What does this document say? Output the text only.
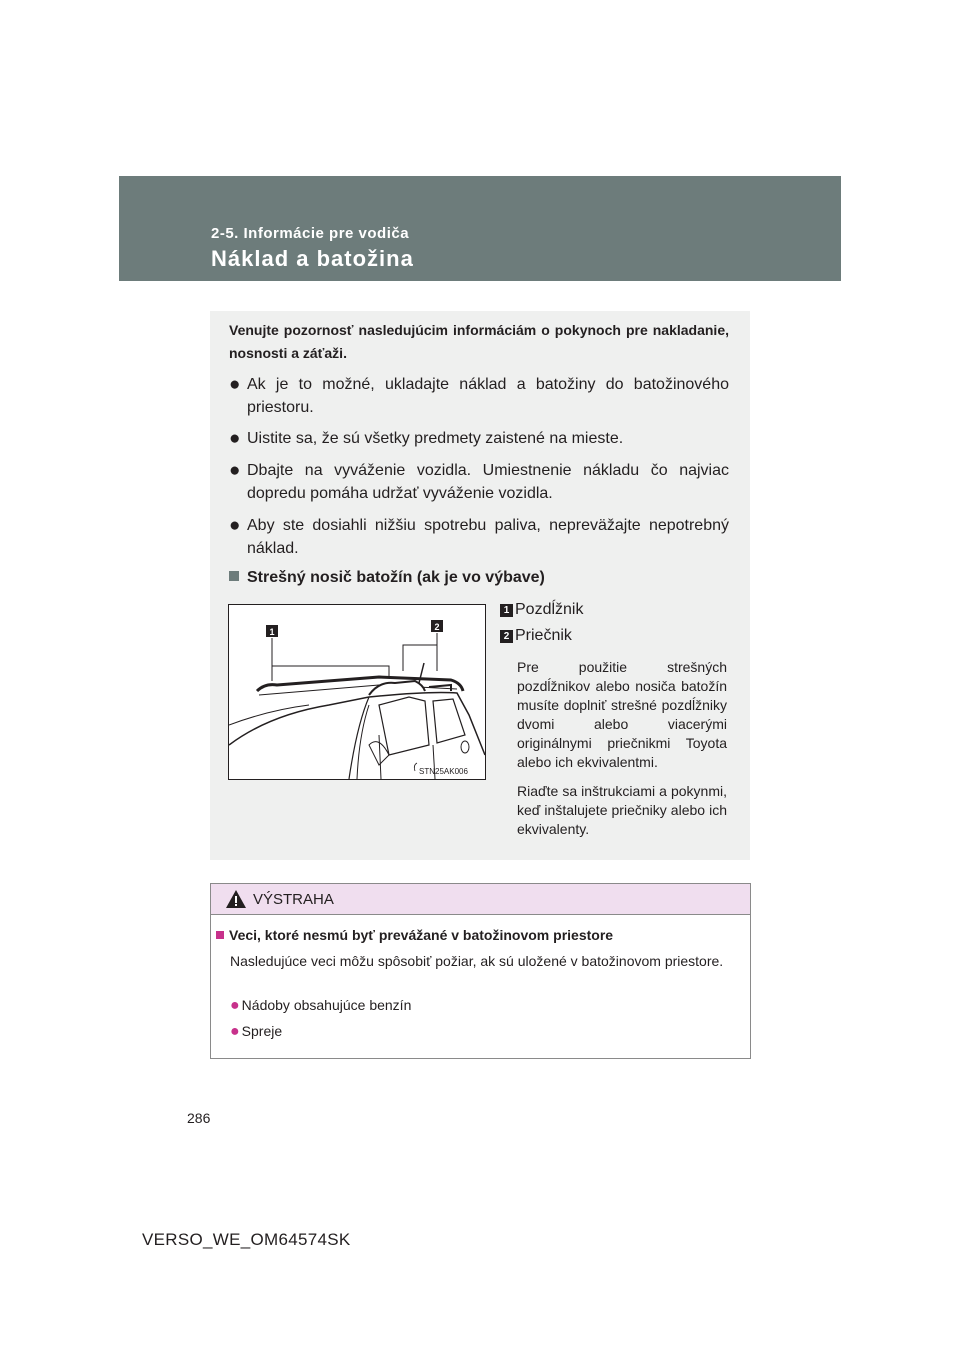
2-5. Informácie pre vodiča
Náklad a batožina
Venujte pozornosť nasledujúcim informáciám o pokynoch pre nakladanie, nosnosti a záťaži.
● Ak je to možné, ukladajte náklad a batožiny do batožinového priestoru.
● Uistite sa, že sú všetky predmety zaistené na mieste.
● Dbajte na vyváženie vozidla. Umiestnenie nákladu čo najviac dopredu pomáha udržať vyváženie vozidla.
● Aby ste dosiahli nižšiu spotrebu paliva, nepreväžajte nepotrebný náklad.
Strešný nosič batožín (ak je vo výbave)
1	2
STN25AK006
1 Pozdĺžnik
2 Priečnik
Pre použitie strešných pozdĺžnikov alebo nosiča batožín musíte doplniť strešné pozdĺžniky dvomi alebo viacerými originálnymi priečnikmi Toyota alebo ich ekvivalentmi.
Riaďte sa inštrukciami a pokynmi, keď inštalujete priečniky alebo ich ekvivalenty.
VÝSTRAHA
Veci, ktoré nesmú byť prevážané v batožinovom priestore
Nasledujúce veci môžu spôsobiť požiar, ak sú uložené v batožinovom priestore.
● Nádoby obsahujúce benzín
● Spreje
286
VERSO_WE_OM64574SK
